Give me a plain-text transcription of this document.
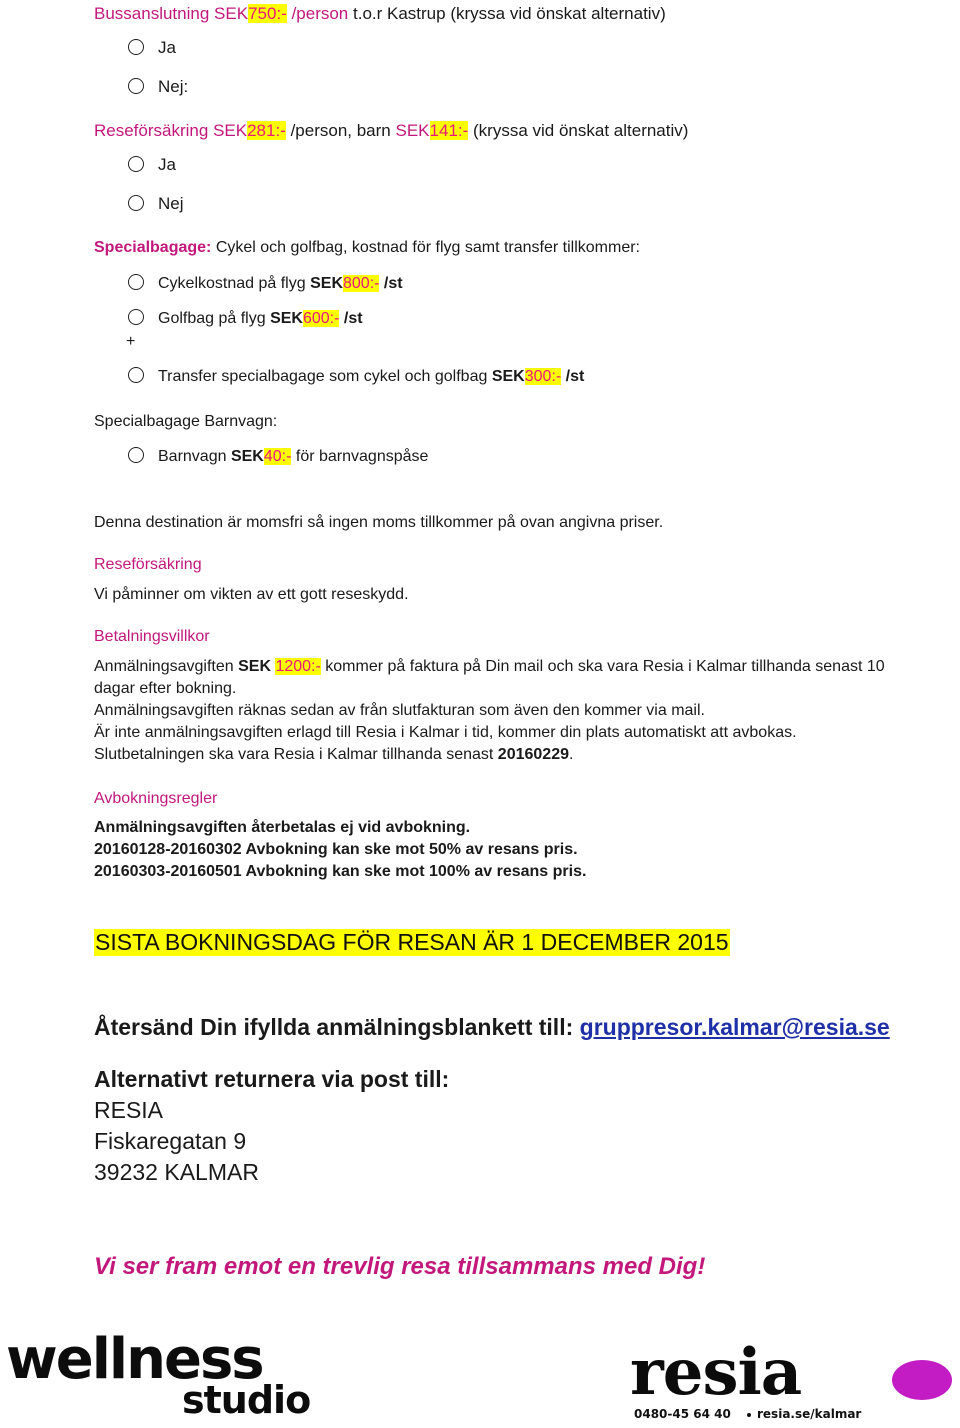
Bussanslutning SEK750:- /person t.o.r Kastrup (kryssa vid önskat alternativ)
Ja
Nej:
Reseförsäkring SEK281:- /person, barn SEK141:- (kryssa vid önskat alternativ)
Ja
Nej
Specialbagage: Cykel och golfbag, kostnad för flyg samt transfer tillkommer:
Cykelkostnad på flyg SEK800:- /st
Golfbag på flyg SEK600:- /st
+
Transfer specialbagage som cykel och golfbag SEK300:- /st
Specialbagage Barnvagn:
Barnvagn SEK40:- för barnvagnspåse
Denna destination är momsfri så ingen moms tillkommer på ovan angivna priser.
Reseförsäkring
Vi påminner om vikten av ett gott reseskydd.
Betalningsvillkor
Anmälningsavgiften SEK 1200:- kommer på faktura på Din mail och ska vara Resia i Kalmar tillhanda senast 10
dagar efter bokning.
Anmälningsavgiften räknas sedan av från slutfakturan som även den kommer via mail.
Är inte anmälningsavgiften erlagd till Resia i Kalmar i tid, kommer din plats automatiskt att avbokas.
Slutbetalningen ska vara Resia i Kalmar tillhanda senast 20160229.
Avbokningsregler
Anmälningsavgiften återbetalas ej vid avbokning.
20160128-20160302 Avbokning kan ske mot 50% av resans pris.
20160303-20160501 Avbokning kan ske mot 100% av resans pris.
SISTA BOKNINGSDAG FÖR RESAN ÄR 1 DECEMBER 2015
Återsänd Din ifyllda anmälningsblankett till: gruppresor.kalmar@resia.se
Alternativt returnera via post till:
RESIA
Fiskaregatan 9
39232 KALMAR
Vi ser fram emot en trevlig resa tillsammans med Dig!
wellness
studio	resia
0480-45 64 40 resia.se/kalmar
